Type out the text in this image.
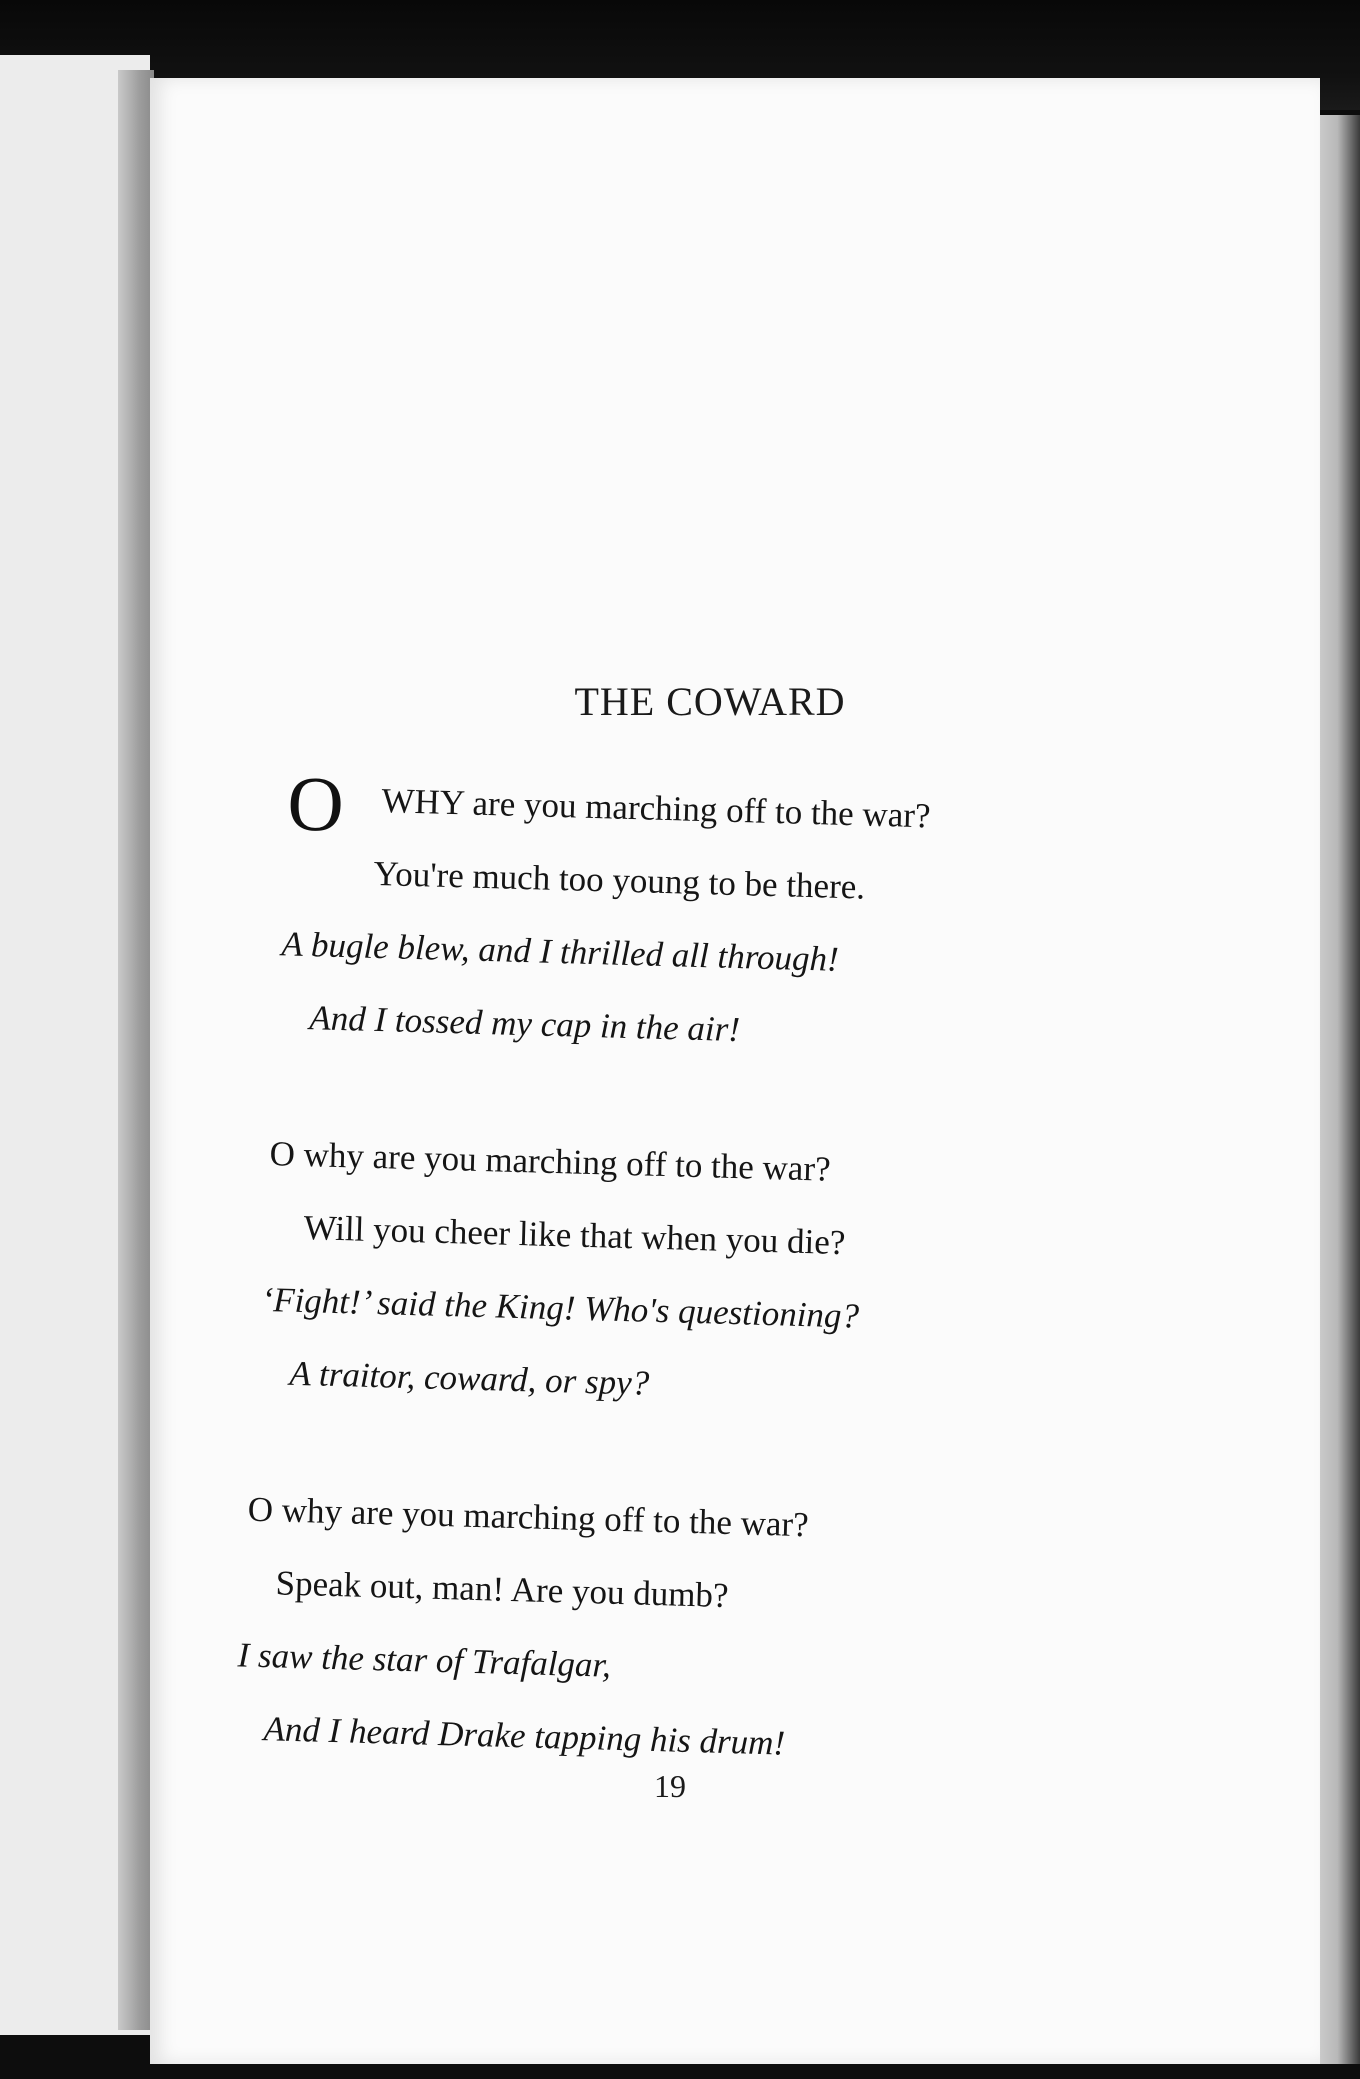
THE COWARD
O WHY are you marching off to the war?
You're much too young to be there.
A bugle blew, and I thrilled all through!
And I tossed my cap in the air!
O why are you marching off to the war?
Will you cheer like that when you die?
‘Fight!’ said the King! Who's questioning?
A traitor, coward, or spy?
O why are you marching off to the war?
Speak out, man! Are you dumb?
I saw the star of Trafalgar,
And I heard Drake tapping his drum!
19
